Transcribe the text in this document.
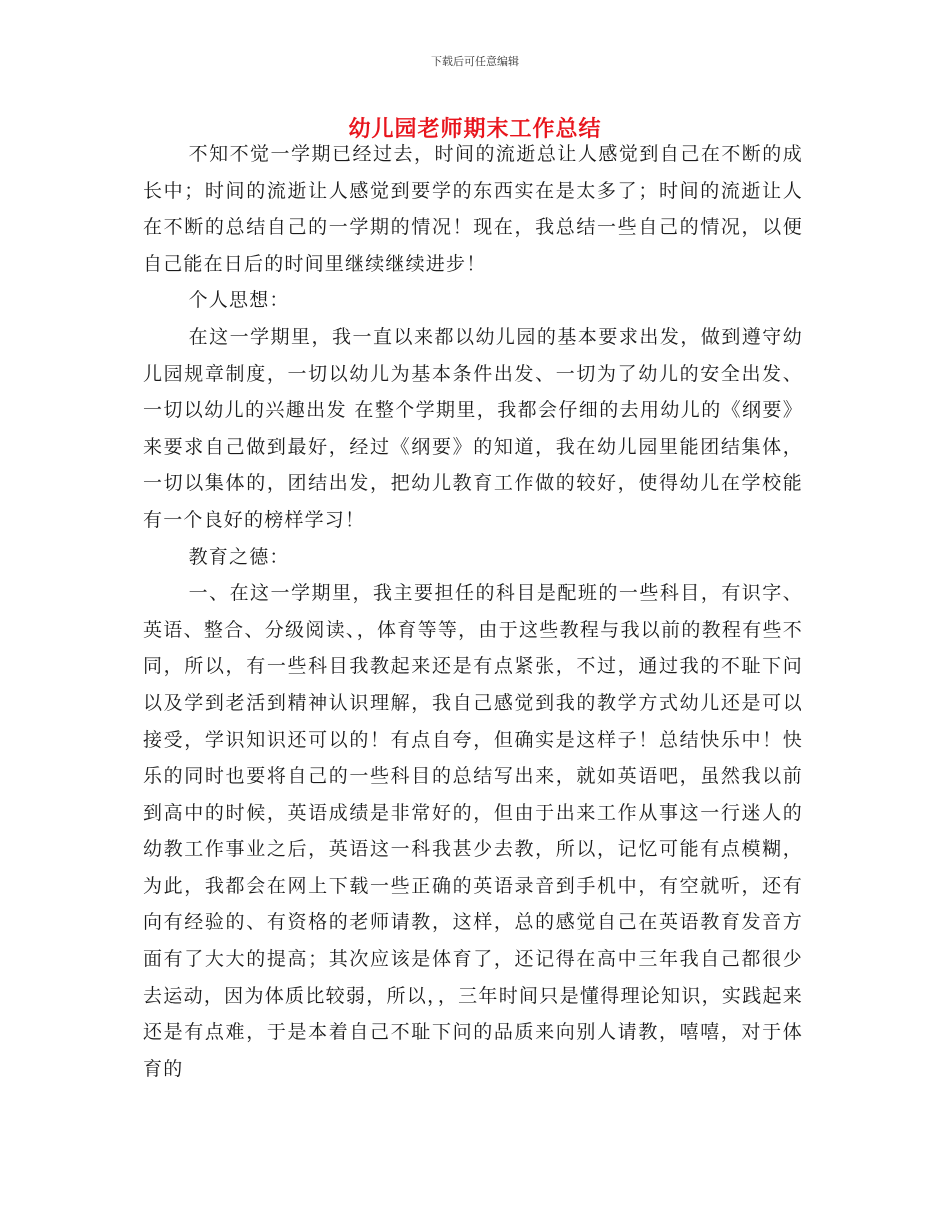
下载后可任意编辑
幼儿园老师期末工作总结

不知不觉一学期已经过去，时间的流逝总让人感觉到自己在不断的成长中；时间的流逝让人感觉到要学的东西实在是太多了；时间的流逝让人在不断的总结自己的一学期的情况！现在，我总结一些自己的情况，以便自己能在日后的时间里继续继续进步！

个人思想：

在这一学期里，我一直以来都以幼儿园的基本要求出发，做到遵守幼儿园规章制度，一切以幼儿为基本条件出发、一切为了幼儿的安全出发、一切以幼儿的兴趣出发 在整个学期里，我都会仔细的去用幼儿的《纲要》来要求自己做到最好，经过《纲要》的知道，我在幼儿园里能团结集体，一切以集体的，团结出发，把幼儿教育工作做的较好，使得幼儿在学校能有一个良好的榜样学习！

教育之德：

一、在这一学期里，我主要担任的科目是配班的一些科目，有识字、英语、整合、分级阅读、，体育等等，由于这些教程与我以前的教程有些不同，所以，有一些科目我教起来还是有点紧张，不过，通过我的不耻下问以及学到老活到精神认识理解，我自己感觉到我的教学方式幼儿还是可以接受，学识知识还可以的！有点自夸，但确实是这样子！总结快乐中！快乐的同时也要将自己的一些科目的总结写出来，就如英语吧，虽然我以前到高中的时候，英语成绩是非常好的，但由于出来工作从事这一行迷人的幼教工作事业之后，英语这一科我甚少去教，所以，记忆可能有点模糊，为此，我都会在网上下载一些正确的英语录音到手机中，有空就听，还有向有经验的、有资格的老师请教，这样，总的感觉自己在英语教育发音方面有了大大的提高；其次应该是体育了，还记得在高中三年我自己都很少去运动，因为体质比较弱，所以，，三年时间只是懂得理论知识，实践起来还是有点难，于是本着自己不耻下问的品质来向别人请教，嘻嘻，对于体育的
